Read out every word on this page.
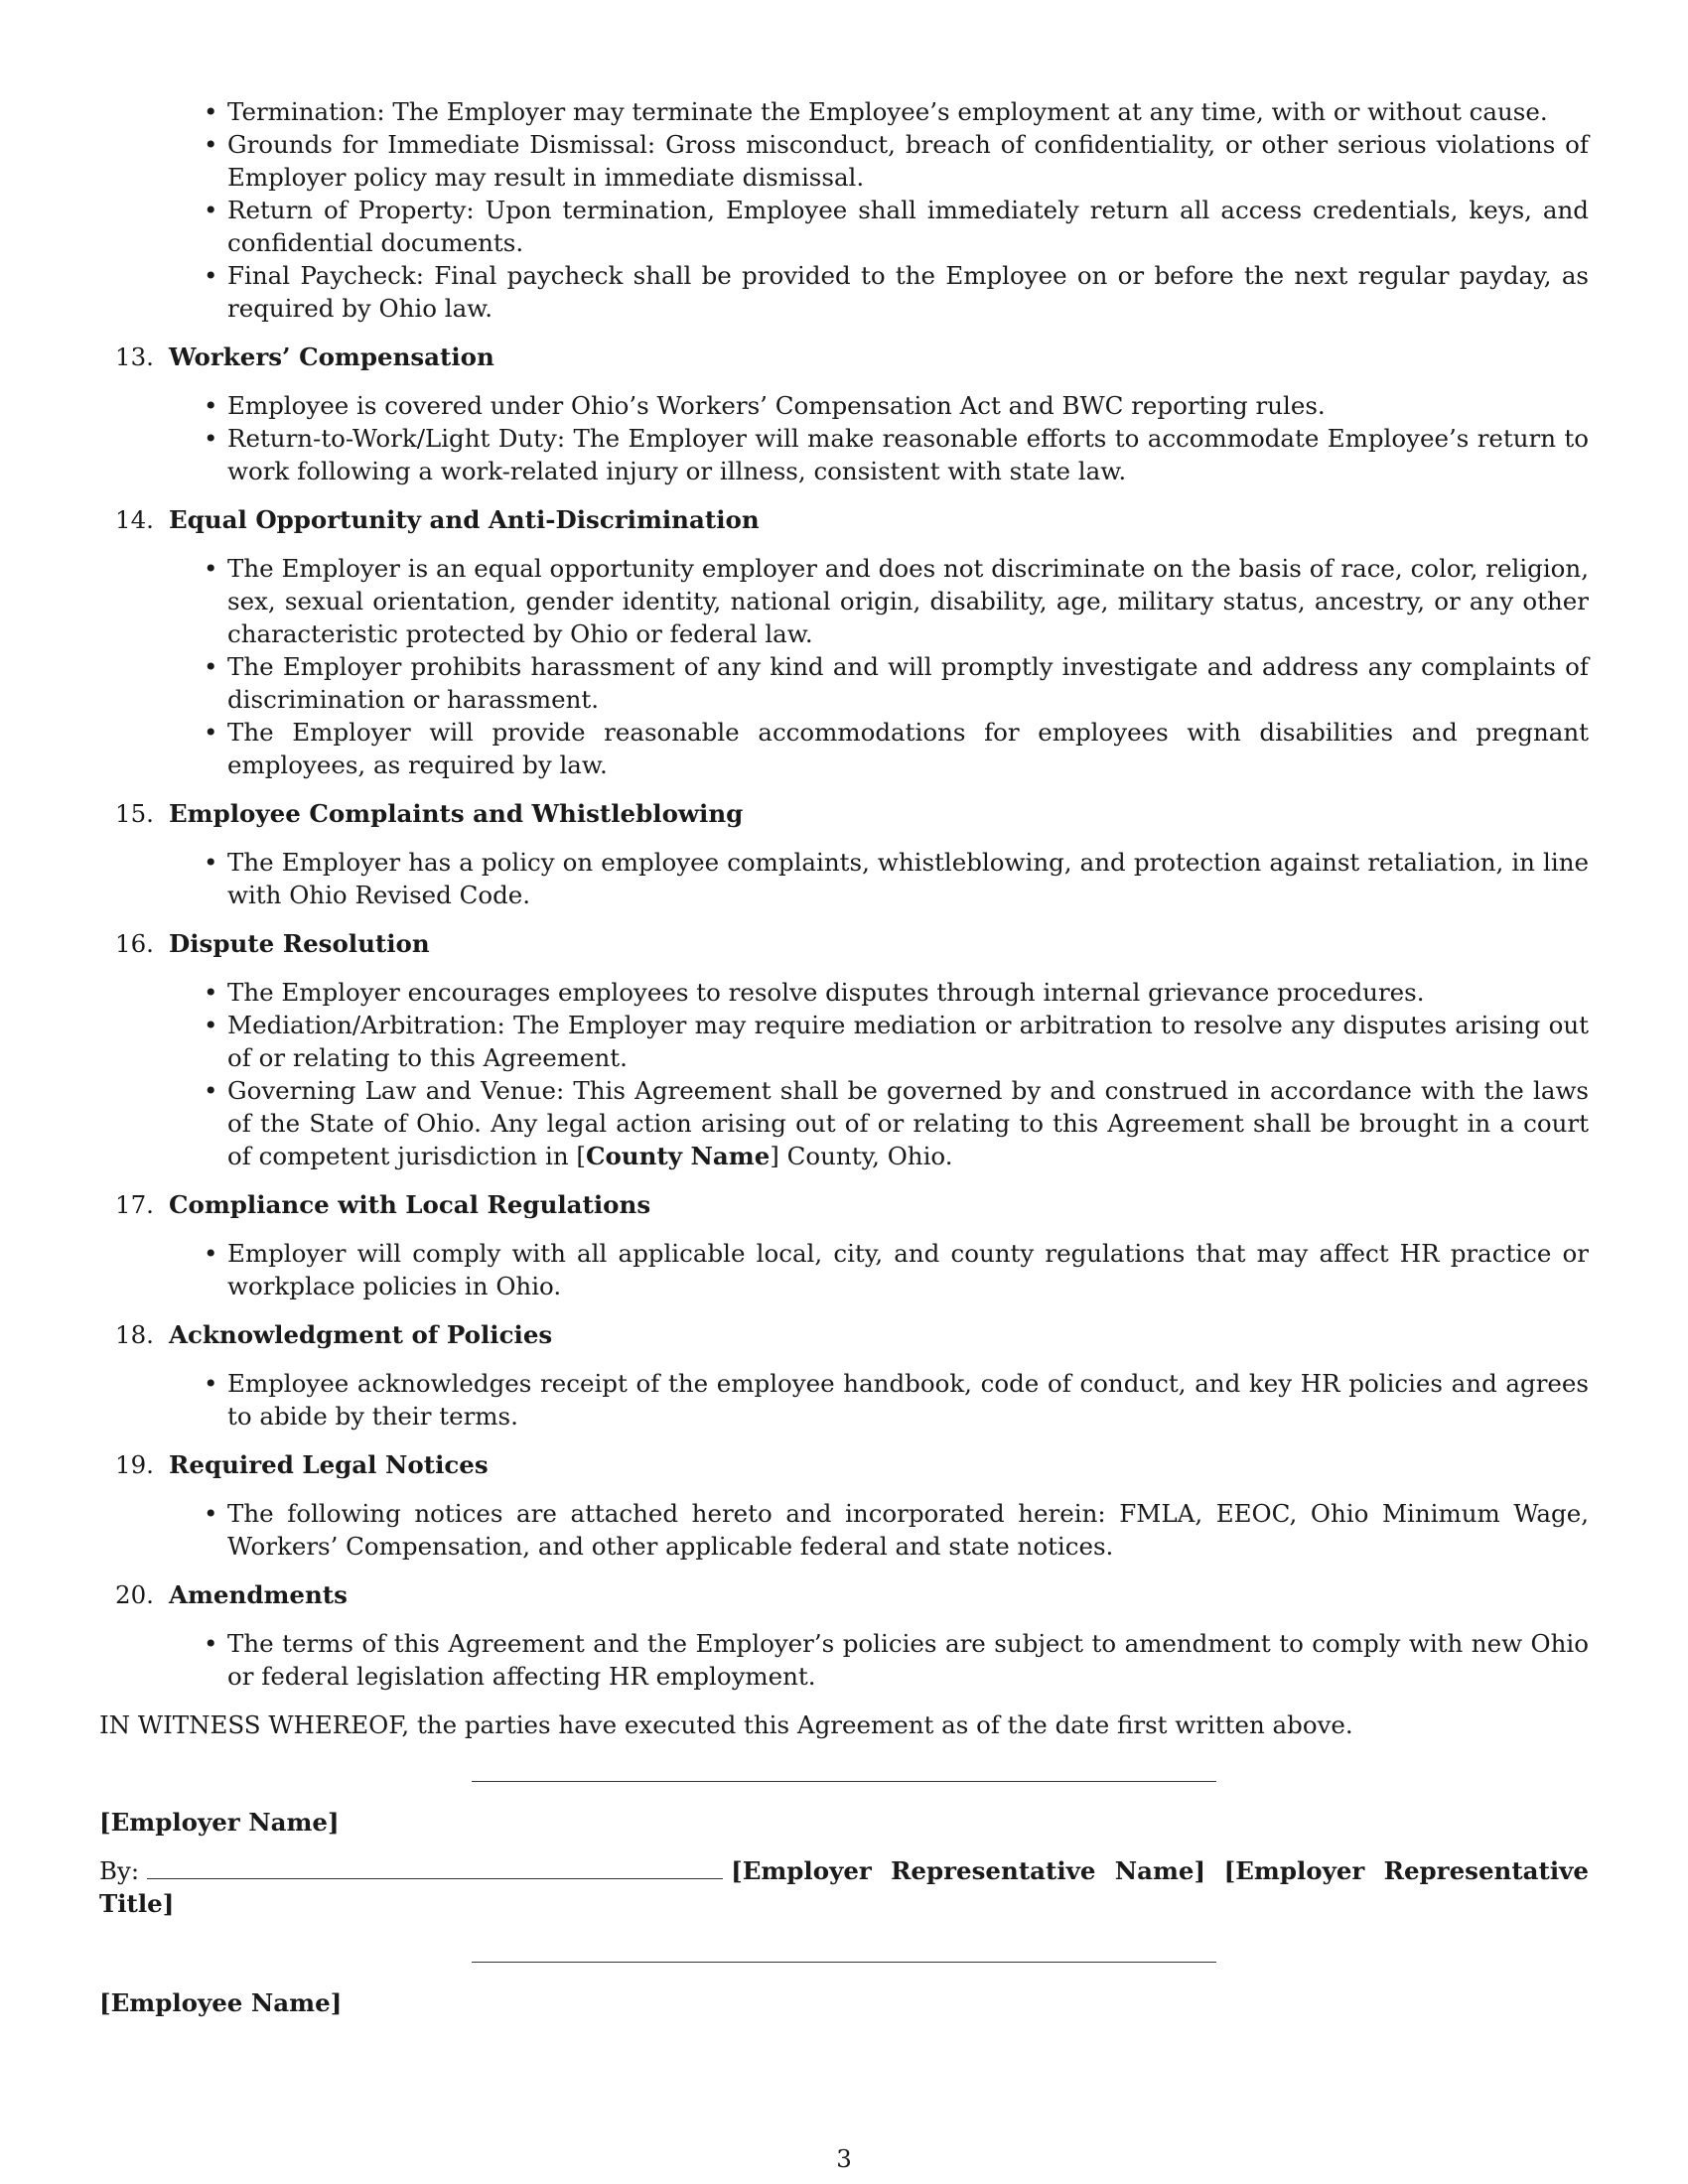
• Termination: The Employer may terminate the Employee’s employment at any time, with or without cause.
• Grounds for Immediate Dismissal: Gross misconduct, breach of confidentiality, or other serious violations of Employer policy may result in immediate dismissal.
• Return of Property: Upon termination, Employee shall immediately return all access credentials, keys, and confidential documents.
• Final Paycheck: Final paycheck shall be provided to the Employee on or before the next regular payday, as required by Ohio law.
13. Workers’ Compensation
• Employee is covered under Ohio’s Workers’ Compensation Act and BWC reporting rules.
• Return-to-Work/Light Duty: The Employer will make reasonable efforts to accommodate Employee’s return to work following a work-related injury or illness, consistent with state law.
14. Equal Opportunity and Anti-Discrimination
• The Employer is an equal opportunity employer and does not discriminate on the basis of race, color, religion, sex, sexual orientation, gender identity, national origin, disability, age, military status, ancestry, or any other characteristic protected by Ohio or federal law.
• The Employer prohibits harassment of any kind and will promptly investigate and address any complaints of discrimination or harassment.
• The Employer will provide reasonable accommodations for employees with disabilities and pregnant employees, as required by law.
15. Employee Complaints and Whistleblowing
• The Employer has a policy on employee complaints, whistleblowing, and protection against retaliation, in line with Ohio Revised Code.
16. Dispute Resolution
• The Employer encourages employees to resolve disputes through internal grievance procedures.
• Mediation/Arbitration: The Employer may require mediation or arbitration to resolve any disputes arising out of or relating to this Agreement.
• Governing Law and Venue: This Agreement shall be governed by and construed in accordance with the laws of the State of Ohio. Any legal action arising out of or relating to this Agreement shall be brought in a court of competent jurisdiction in [County Name] County, Ohio.
17. Compliance with Local Regulations
• Employer will comply with all applicable local, city, and county regulations that may affect HR practice or workplace policies in Ohio.
18. Acknowledgment of Policies
• Employee acknowledges receipt of the employee handbook, code of conduct, and key HR policies and agrees to abide by their terms.
19. Required Legal Notices
• The following notices are attached hereto and incorporated herein: FMLA, EEOC, Ohio Minimum Wage, Workers’ Compensation, and other applicable federal and state notices.
20. Amendments
• The terms of this Agreement and the Employer’s policies are subject to amendment to comply with new Ohio or federal legislation affecting HR employment.
IN WITNESS WHEREOF, the parties have executed this Agreement as of the date first written above.
[Employer Name]
By:	[Employer Representative Name] [Employer Representative Title]
[Employee Name]
3
